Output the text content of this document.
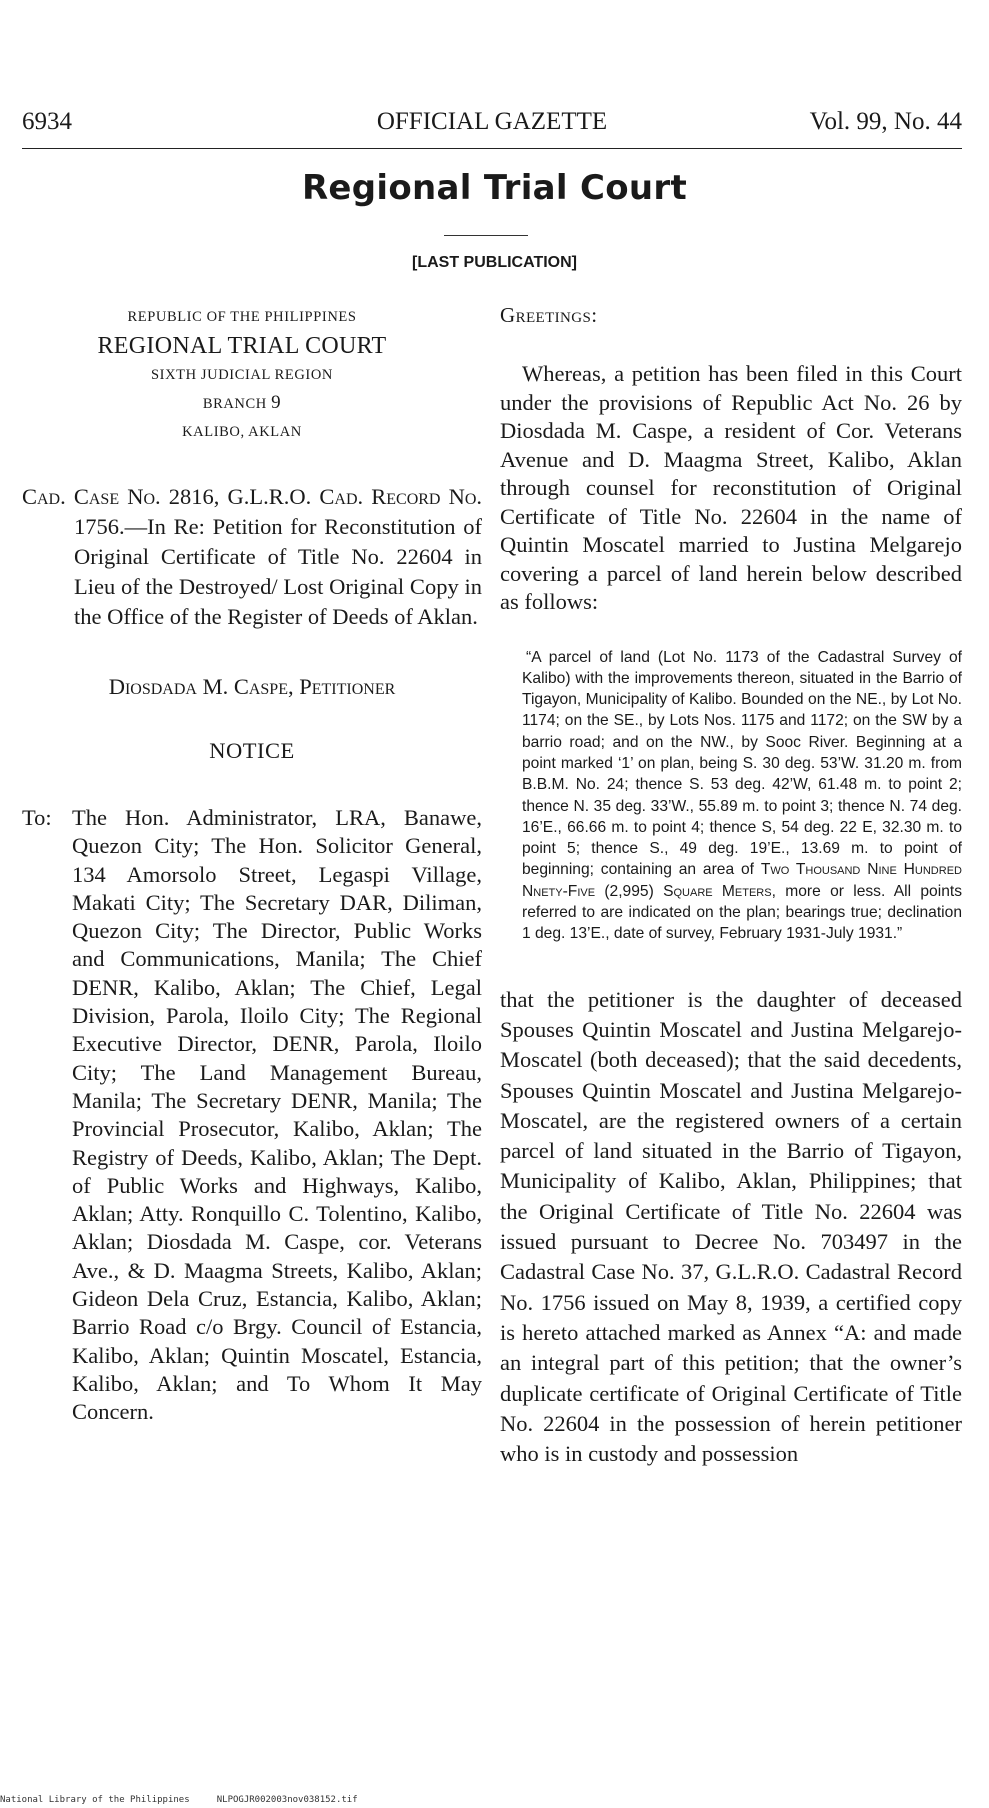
6934	OFFICIAL GAZETTE	Vol. 99, No. 44
Regional Trial Court
[LAST PUBLICATION]
REPUBLIC OF THE PHILIPPINES
REGIONAL TRIAL COURT
SIXTH JUDICIAL REGION
BRANCH 9
KALIBO, AKLAN
Cad. Case No. 2816, G.L.R.O. Cad. Record No. 1756.—In Re: Petition for Reconstitution of Original Certificate of Title No. 22604 in Lieu of the Destroyed/ Lost Original Copy in the Office of the Register of Deeds of Aklan.
Diosdada M. Caspe, Petitioner
NOTICE
To: The Hon. Administrator, LRA, Banawe, Quezon City; The Hon. Solicitor General, 134 Amorsolo Street, Legaspi Village, Makati City; The Secretary DAR, Diliman, Quezon City; The Director, Public Works and Communications, Manila; The Chief DENR, Kalibo, Aklan; The Chief, Legal Division, Parola, Iloilo City; The Regional Executive Director, DENR, Parola, Iloilo City; The Land Management Bureau, Manila; The Secretary DENR, Manila; The Provincial Prosecutor, Kalibo, Aklan; The Registry of Deeds, Kalibo, Aklan; The Dept. of Public Works and Highways, Kalibo, Aklan; Atty. Ronquillo C. Tolentino, Kalibo, Aklan; Diosdada M. Caspe, cor. Veterans Ave., & D. Maagma Streets, Kalibo, Aklan; Gideon Dela Cruz, Estancia, Kalibo, Aklan; Barrio Road c/o Brgy. Council of Estancia, Kalibo, Aklan; Quintin Moscatel, Estancia, Kalibo, Aklan; and To Whom It May Concern.
Greetings:
Whereas, a petition has been filed in this Court under the provisions of Republic Act No. 26 by Diosdada M. Caspe, a resident of Cor. Veterans Avenue and D. Maagma Street, Kalibo, Aklan through counsel for reconstitution of Original Certificate of Title No. 22604 in the name of Quintin Moscatel married to Justina Melgarejo covering a parcel of land herein below described as follows:
“A parcel of land (Lot No. 1173 of the Cadastral Survey of Kalibo) with the improvements thereon, situated in the Barrio of Tigayon, Municipality of Kalibo. Bounded on the NE., by Lot No. 1174; on the SE., by Lots Nos. 1175 and 1172; on the SW by a barrio road; and on the NW., by Sooc River. Beginning at a point marked ‘1’ on plan, being S. 30 deg. 53’W. 31.20 m. from B.B.M. No. 24; thence S. 53 deg. 42’W, 61.48 m. to point 2; thence N. 35 deg. 33’W., 55.89 m. to point 3; thence N. 74 deg. 16’E., 66.66 m. to point 4; thence S, 54 deg. 22 E, 32.30 m. to point 5; thence S., 49 deg. 19’E., 13.69 m. to point of beginning; containing an area of Two Thousand Nine Hundred Nnety-Five (2,995) Square Meters, more or less. All points referred to are indicated on the plan; bearings true; declination 1 deg. 13’E., date of survey, February 1931-July 1931.”
that the petitioner is the daughter of deceased Spouses Quintin Moscatel and Justina Melgarejo-Moscatel (both deceased); that the said decedents, Spouses Quintin Moscatel and Justina Melgarejo-Moscatel, are the registered owners of a certain parcel of land situated in the Barrio of Tigayon, Municipality of Kalibo, Aklan, Philippines; that the Original Certificate of Title No. 22604 was issued pursuant to Decree No. 703497 in the Cadastral Case No. 37, G.L.R.O. Cadastral Record No. 1756 issued on May 8, 1939, a certified copy is hereto attached marked as Annex “A: and made an integral part of this petition; that the owner’s duplicate certificate of Original Certificate of Title No. 22604 in the possession of herein petitioner who is in custody and possession
National Library of the Philippines	NLPOGJR002003nov038152.tif
